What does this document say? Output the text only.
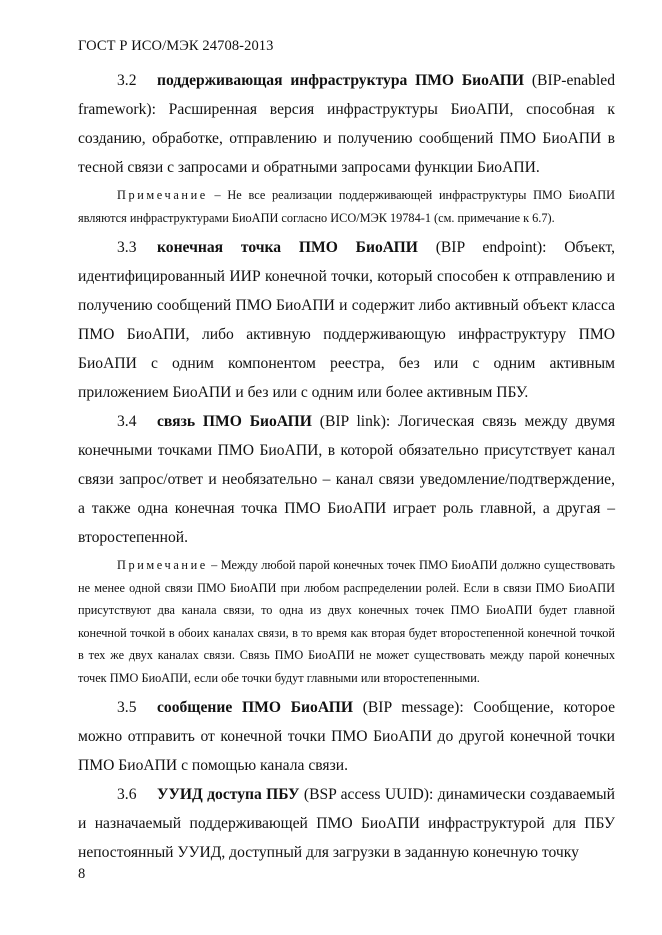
ГОСТ Р ИСО/МЭК 24708-2013

3.2 поддерживающая инфраструктура ПМО БиоАПИ (BIP-enabled framework): Расширенная версия инфраструктуры БиоАПИ, способная к созданию, обработке, отправлению и получению сообщений ПМО БиоАПИ в тесной связи с запросами и обратными запросами функции БиоАПИ.

Примечание – Не все реализации поддерживающей инфраструктуры ПМО БиоАПИ являются инфраструктурами БиоАПИ согласно ИСО/МЭК 19784-1 (см. примечание к 6.7).

3.3 конечная точка ПМО БиоАПИ (BIP endpoint): Объект, идентифицированный ИИР конечной точки, который способен к отправлению и получению сообщений ПМО БиоАПИ и содержит либо активный объект класса ПМО БиоАПИ, либо активную поддерживающую инфраструктуру ПМО БиоАПИ с одним компонентом реестра, без или с одним активным приложением БиоАПИ и без или с одним или более активным ПБУ.

3.4 связь ПМО БиоАПИ (BIP link): Логическая связь между двумя конечными точками ПМО БиоАПИ, в которой обязательно присутствует канал связи запрос/ответ и необязательно – канал связи уведомление/подтверждение, а также одна конечная точка ПМО БиоАПИ играет роль главной, а другая – второстепенной.

Примечание – Между любой парой конечных точек ПМО БиоАПИ должно существовать не менее одной связи ПМО БиоАПИ при любом распределении ролей. Если в связи ПМО БиоАПИ присутствуют два канала связи, то одна из двух конечных точек ПМО БиоАПИ будет главной конечной точкой в обоих каналах связи, в то время как вторая будет второстепенной конечной точкой в тех же двух каналах связи. Связь ПМО БиоАПИ не может существовать между парой конечных точек ПМО БиоАПИ, если обе точки будут главными или второстепенными.

3.5 сообщение ПМО БиоАПИ (BIP message): Сообщение, которое можно отправить от конечной точки ПМО БиоАПИ до другой конечной точки ПМО БиоАПИ с помощью канала связи.

3.6 УУИД доступа ПБУ (BSP access UUID): динамически создаваемый и назначаемый поддерживающей ПМО БиоАПИ инфраструктурой для ПБУ непостоянный УУИД, доступный для загрузки в заданную конечную точку

8
